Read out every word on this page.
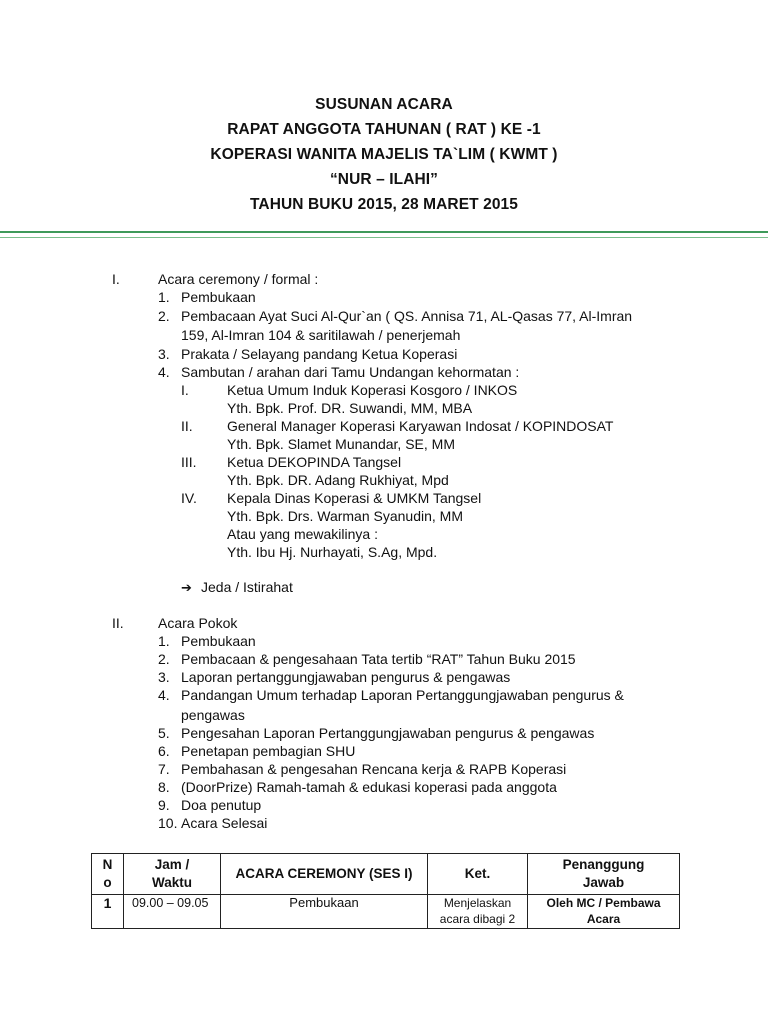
SUSUNAN ACARA
RAPAT ANGGOTA TAHUNAN ( RAT ) KE -1
KOPERASI WANITA MAJELIS TA`LIM ( KWMT )
“NUR – ILAHI”
TAHUN BUKU 2015, 28 MARET 2015
I.	Acara ceremony / formal :
1. Pembukaan
2. Pembacaan Ayat Suci Al-Qur`an ( QS. Annisa 71, AL-Qasas 77, Al-Imran
159, Al-Imran 104 & saritilawah / penerjemah
3. Prakata / Selayang pandang Ketua Koperasi
4. Sambutan / arahan dari Tamu Undangan kehormatan :
I.	Ketua Umum Induk Koperasi Kosgoro / INKOS
Yth. Bpk. Prof. DR. Suwandi, MM, MBA
II. General Manager Koperasi Karyawan Indosat / KOPINDOSAT
Yth. Bpk. Slamet Munandar, SE, MM
III. Ketua DEKOPINDA Tangsel
Yth. Bpk. DR. Adang Rukhiyat, Mpd
IV. Kepala Dinas Koperasi & UMKM Tangsel
Yth. Bpk. Drs. Warman Syanudin, MM
Atau yang mewakilinya :
Yth. Ibu Hj. Nurhayati, S.Ag, Mpd.
➔ Jeda / Istirahat
II. Acara Pokok
1. Pembukaan
2. Pembacaan & pengesahaan Tata tertib “RAT” Tahun Buku 2015
3. Laporan pertanggungjawaban pengurus & pengawas
4. Pandangan Umum terhadap Laporan Pertanggungjawaban pengurus &
pengawas
5. Pengesahan Laporan Pertanggungjawaban pengurus & pengawas
6. Penetapan pembagian SHU
7. Pembahasan & pengesahan Rencana kerja & RAPB Koperasi
8. (DoorPrize) Ramah-tamah & edukasi koperasi pada anggota
9. Doa penutup
10. Acara Selesai
N
o	Jam /
Waktu	ACARA CEREMONY (SES I)	Ket.	Penanggung
Jawab
1	09.00 – 09.05	Pembukaan	Menjelaskan
acara dibagi 2	Oleh MC / Pembawa
Acara
